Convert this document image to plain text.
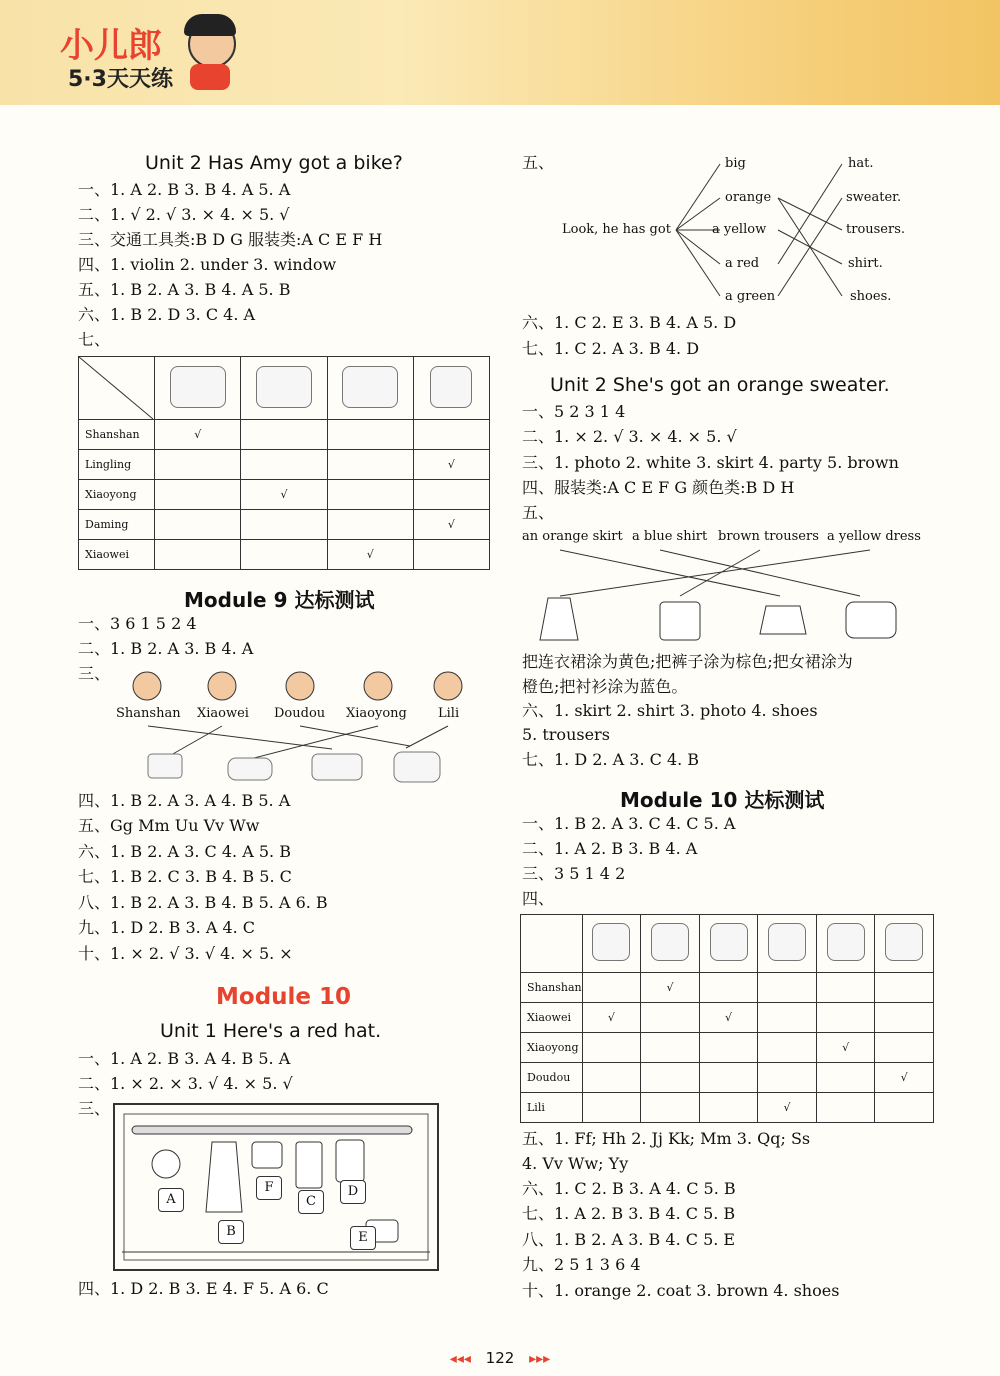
小儿郎
5·3天天练
Unit 2 Has Amy got a bike?
一、1. A 2. B 3. B 4. A 5. A
二、1. √ 2. √ 3. × 4. × 5. √
三、交通工具类:B D G 服装类:A C E F H
四、1. violin 2. under 3. window
五、1. B 2. A 3. B 4. A 5. B
六、1. B 2. D 3. C 4. A
七、

Shanshan	√			
Lingling				√
Xiaoyong		√		
Daming				√
Xiaowei			√	
Module 9 达标测试
一、3 6 1 5 2 4
二、1. B 2. A 3. B 4. A
三、
Shanshan Xiaowei Doudou Xiaoyong Lili
四、1. B 2. A 3. A 4. B 5. A
五、Gg Mm Uu Vv Ww
六、1. B 2. A 3. C 4. A 5. B
七、1. B 2. C 3. B 4. B 5. C
八、1. B 2. A 3. B 4. B 5. A 6. B
九、1. D 2. B 3. A 4. C
十、1. × 2. √ 3. √ 4. × 5. ×
Module 10
Unit 1 Here's a red hat.
一、1. A 2. B 3. A 4. B 5. A
二、1. × 2. × 3. √ 4. × 5. √
三、
A
B
F
C
D
E
四、1. D 2. B 3. E 4. F 5. A 6. C
五、
Look, he has got
big
orange
a yellow
a red
a green
hat.
sweater.
trousers.
shirt.
shoes.
六、1. C 2. E 3. B 4. A 5. D
七、1. C 2. A 3. B 4. D
Unit 2 She's got an orange sweater.
一、5 2 3 1 4
二、1. × 2. √ 3. × 4. × 5. √
三、1. photo 2. white 3. skirt 4. party 5. brown
四、服装类:A C E F G 颜色类:B D H
五、
an orange skirt a blue shirt brown trousers a yellow dress
把连衣裙涂为黄色;把裤子涂为棕色;把女裙涂为
橙色;把衬衫涂为蓝色。
六、1. skirt 2. shirt 3. photo 4. shoes
5. trousers
七、1. D 2. A 3. C 4. B
Module 10 达标测试
一、1. B 2. A 3. C 4. C 5. A
二、1. A 2. B 3. B 4. A
三、3 5 1 4 2
四、

Shanshan		√				
Xiaowei	√		√			
Xiaoyong					√	
Doudou						√
Lili				√		
五、1. Ff; Hh 2. Jj Kk; Mm 3. Qq; Ss
4. Vv Ww; Yy
六、1. C 2. B 3. A 4. C 5. B
七、1. A 2. B 3. B 4. C 5. B
八、1. B 2. A 3. B 4. C 5. E
九、2 5 1 3 6 4
十、1. orange 2. coat 3. brown 4. shoes
◂◂◂ 122 ▸▸▸
